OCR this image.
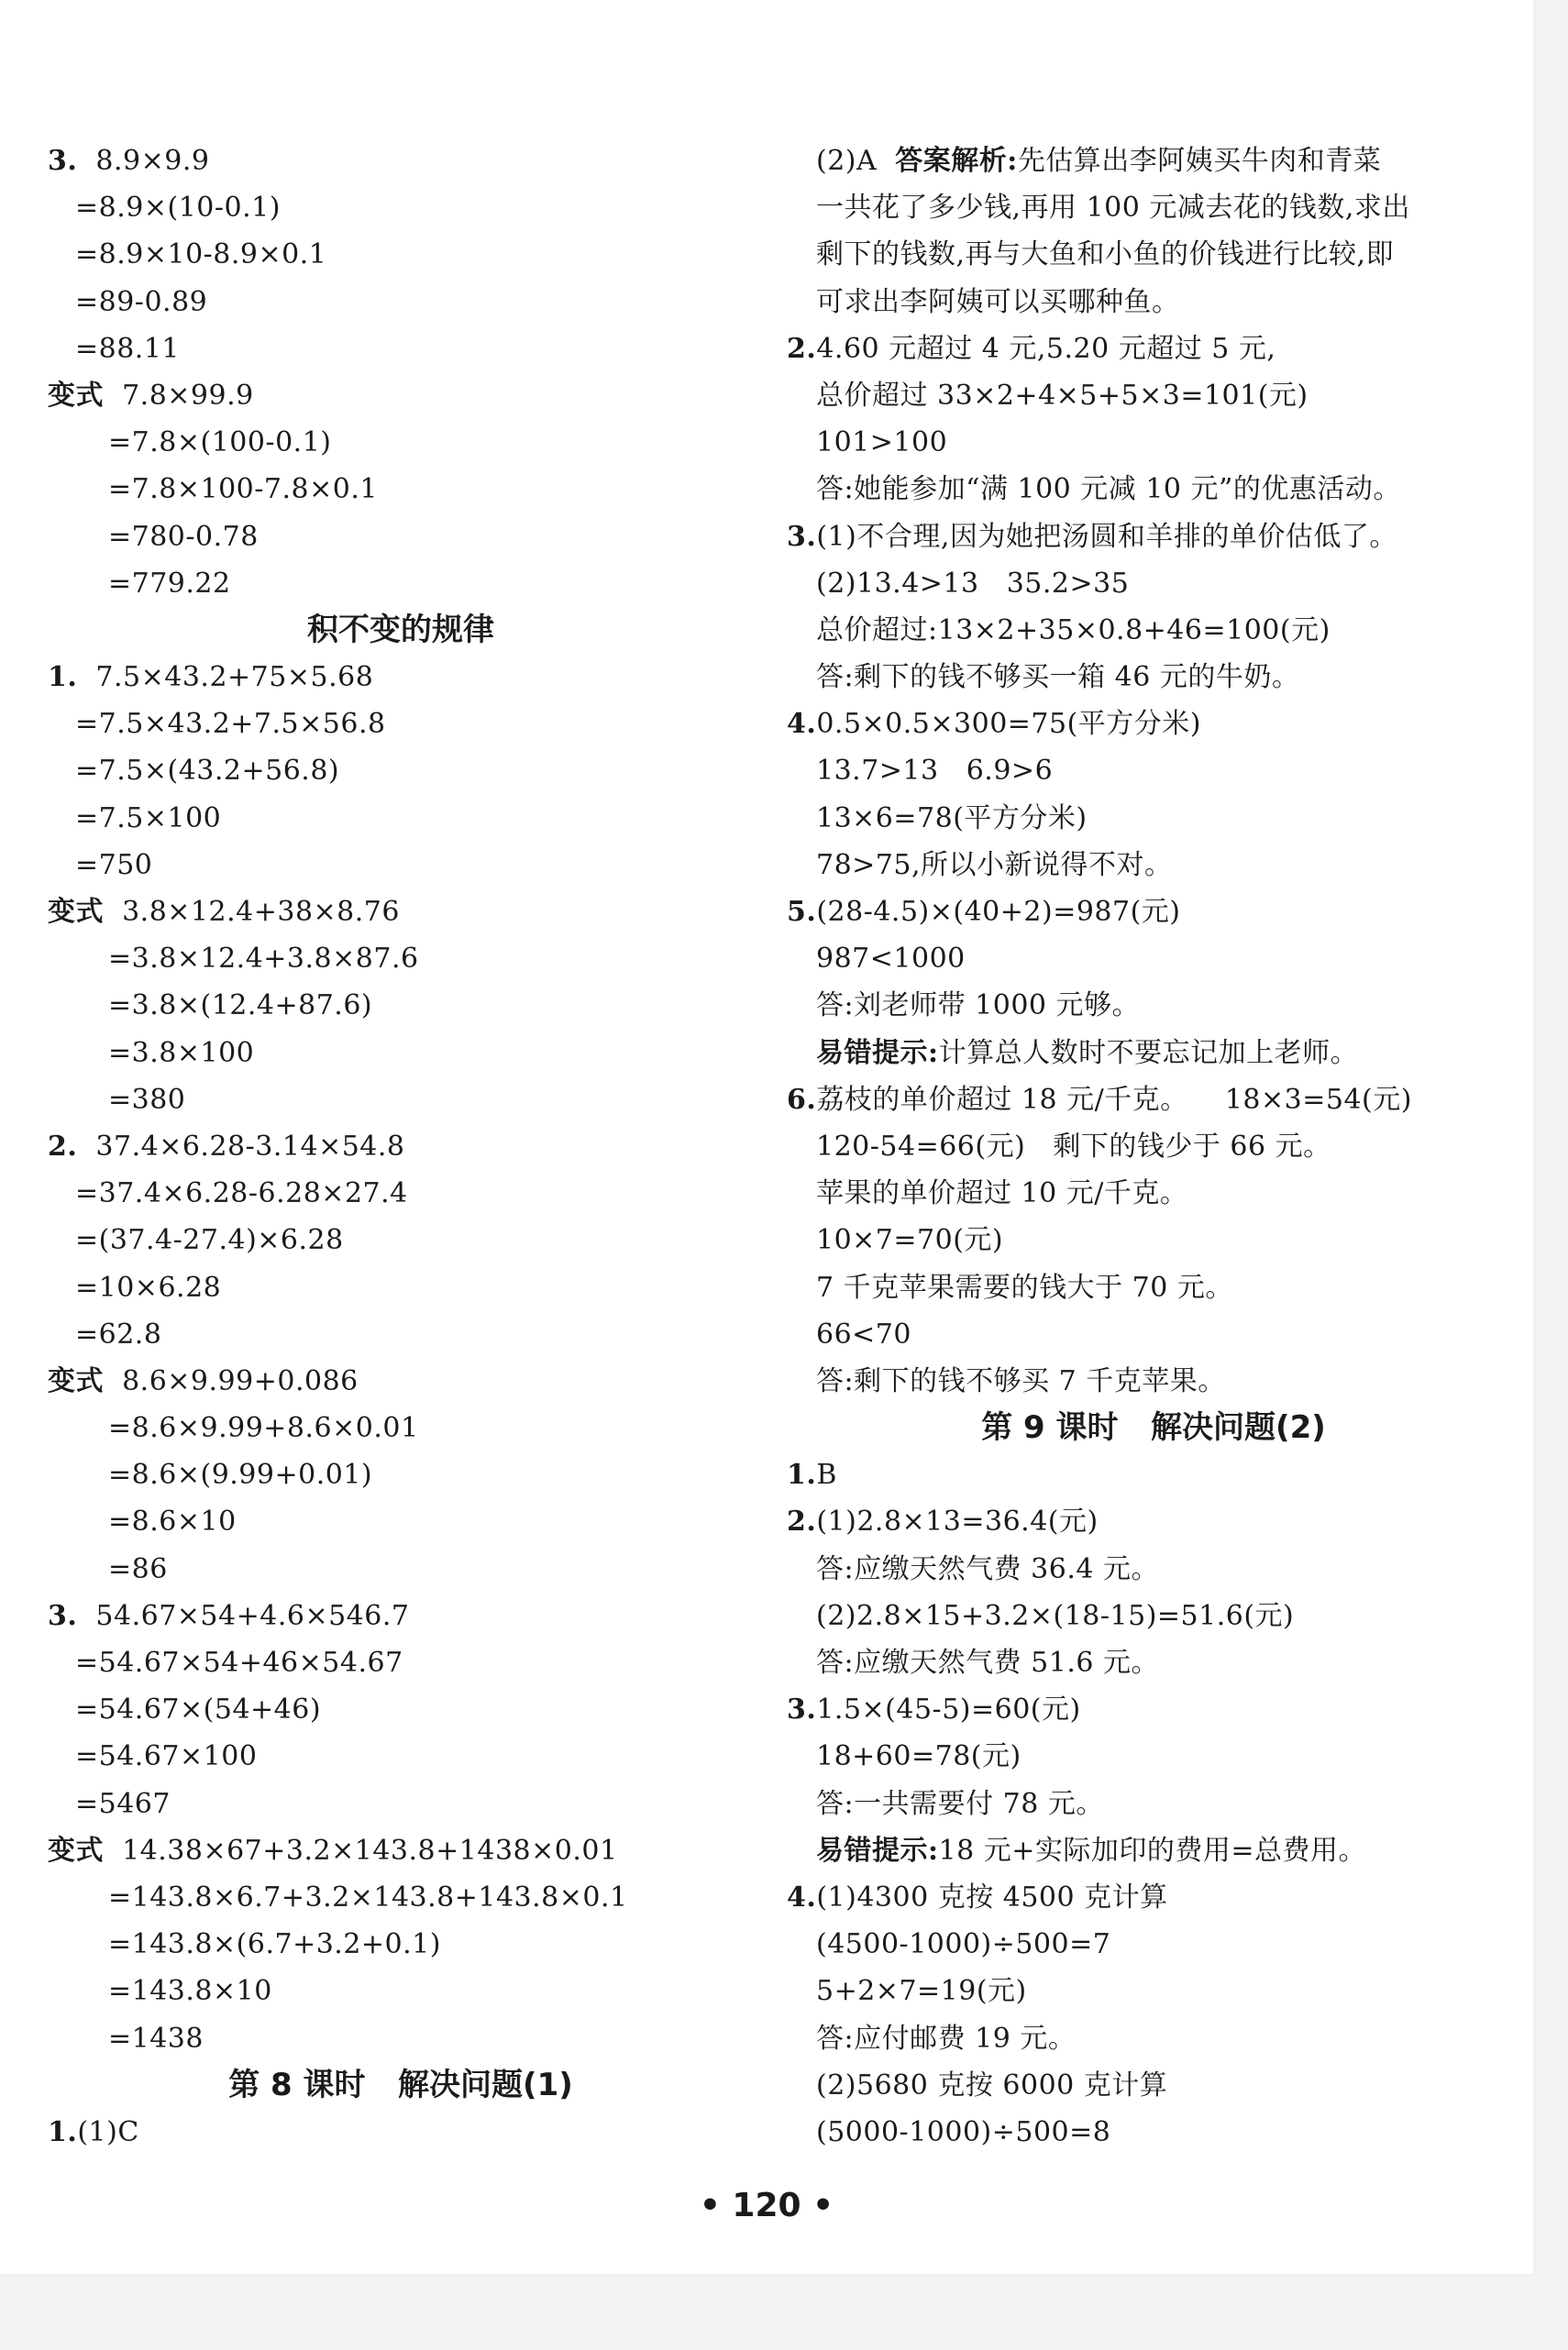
3.  8.9×9.9
=8.9×(10-0.1)
=8.9×10-8.9×0.1
=89-0.89
=88.11
变式  7.8×99.9
=7.8×(100-0.1)
=7.8×100-7.8×0.1
=780-0.78
=779.22
积不变的规律
1.  7.5×43.2+75×5.68
=7.5×43.2+7.5×56.8
=7.5×(43.2+56.8)
=7.5×100
=750
变式  3.8×12.4+38×8.76
=3.8×12.4+3.8×87.6
=3.8×(12.4+87.6)
=3.8×100
=380
2.  37.4×6.28-3.14×54.8
=37.4×6.28-6.28×27.4
=(37.4-27.4)×6.28
=10×6.28
=62.8
变式  8.6×9.99+0.086
=8.6×9.99+8.6×0.01
=8.6×(9.99+0.01)
=8.6×10
=86
3.  54.67×54+4.6×546.7
=54.67×54+46×54.67
=54.67×(54+46)
=54.67×100
=5467
变式  14.38×67+3.2×143.8+1438×0.01
=143.8×6.7+3.2×143.8+143.8×0.1
=143.8×(6.7+3.2+0.1)
=143.8×10
=1438
第 8 课时   解决问题(1)
1.(1)C
(2)A  答案解析:先估算出李阿姨买牛肉和青菜
一共花了多少钱,再用 100 元减去花的钱数,求出
剩下的钱数,再与大鱼和小鱼的价钱进行比较,即
可求出李阿姨可以买哪种鱼。
2.4.60 元超过 4 元,5.20 元超过 5 元,
总价超过 33×2+4×5+5×3=101(元)
101>100
答:她能参加“满 100 元减 10 元”的优惠活动。
3.(1)不合理,因为她把汤圆和羊排的单价估低了。
(2)13.4>13   35.2>35
总价超过:13×2+35×0.8+46=100(元)
答:剩下的钱不够买一箱 46 元的牛奶。
4.0.5×0.5×300=75(平方分米)
13.7>13   6.9>6
13×6=78(平方分米)
78>75,所以小新说得不对。
5.(28-4.5)×(40+2)=987(元)
987<1000
答:刘老师带 1000 元够。
易错提示:计算总人数时不要忘记加上老师。
6.荔枝的单价超过 18 元/千克。    18×3=54(元)
120-54=66(元)   剩下的钱少于 66 元。
苹果的单价超过 10 元/千克。
10×7=70(元)
7 千克苹果需要的钱大于 70 元。
66<70
答:剩下的钱不够买 7 千克苹果。
第 9 课时   解决问题(2)
1.B
2.(1)2.8×13=36.4(元)
答:应缴天然气费 36.4 元。
(2)2.8×15+3.2×(18-15)=51.6(元)
答:应缴天然气费 51.6 元。
3.1.5×(45-5)=60(元)
18+60=78(元)
答:一共需要付 78 元。
易错提示:18 元+实际加印的费用=总费用。
4.(1)4300 克按 4500 克计算
(4500-1000)÷500=7
5+2×7=19(元)
答:应付邮费 19 元。
(2)5680 克按 6000 克计算
(5000-1000)÷500=8
• 120 •
